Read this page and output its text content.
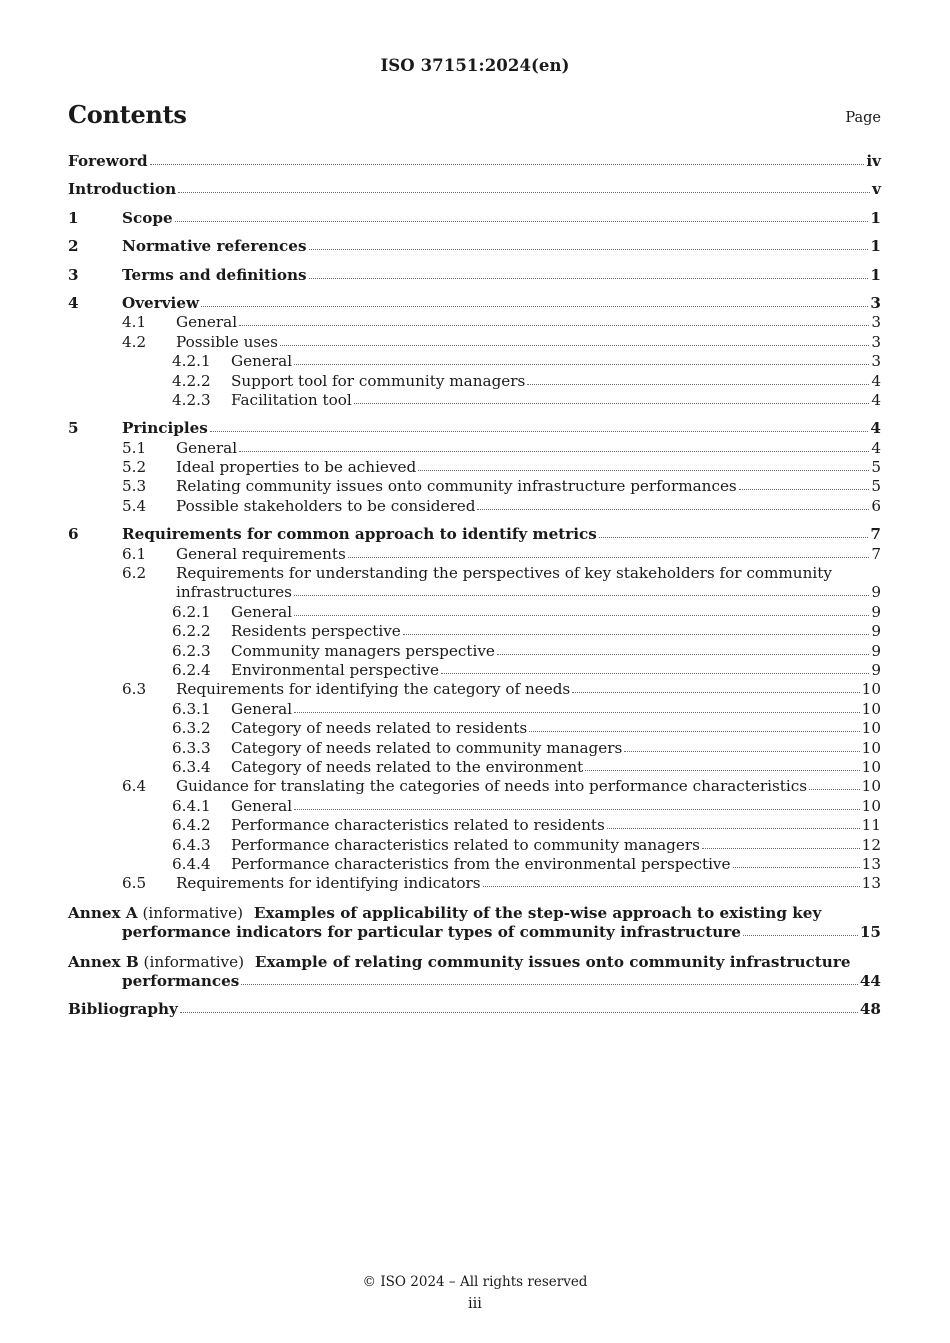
ISO 37151:2024(en)
Contents	Page
Foreword	iv
Introduction	v
1	Scope	1
2	Normative references	1
3	Terms and definitions	1
4	Overview	3
4.1	General	3
4.2	Possible uses	3
4.2.1	General	3
4.2.2	Support tool for community managers	4
4.2.3	Facilitation tool	4
5	Principles	4
5.1	General	4
5.2	Ideal properties to be achieved	5
5.3	Relating community issues onto community infrastructure performances	5
5.4	Possible stakeholders to be considered	6
6	Requirements for common approach to identify metrics	7
6.1	General requirements	7
6.2	Requirements for understanding the perspectives of key stakeholders for community
infrastructures	9
6.2.1	General	9
6.2.2	Residents perspective	9
6.2.3	Community managers perspective	9
6.2.4	Environmental perspective	9
6.3	Requirements for identifying the category of needs	10
6.3.1	General	10
6.3.2	Category of needs related to residents	10
6.3.3	Category of needs related to community managers	10
6.3.4	Category of needs related to the environment	10
6.4	Guidance for translating the categories of needs into performance characteristics	10
6.4.1	General	10
6.4.2	Performance characteristics related to residents	11
6.4.3	Performance characteristics related to community managers	12
6.4.4	Performance characteristics from the environmental perspective	13
6.5	Requirements for identifying indicators	13
Annex A (informative) Examples of applicability of the step-wise approach to existing key
performance indicators for particular types of community infrastructure	15
Annex B (informative) Example of relating community issues onto community infrastructure
performances	44
Bibliography	48
© ISO 2024 – All rights reserved
iii
